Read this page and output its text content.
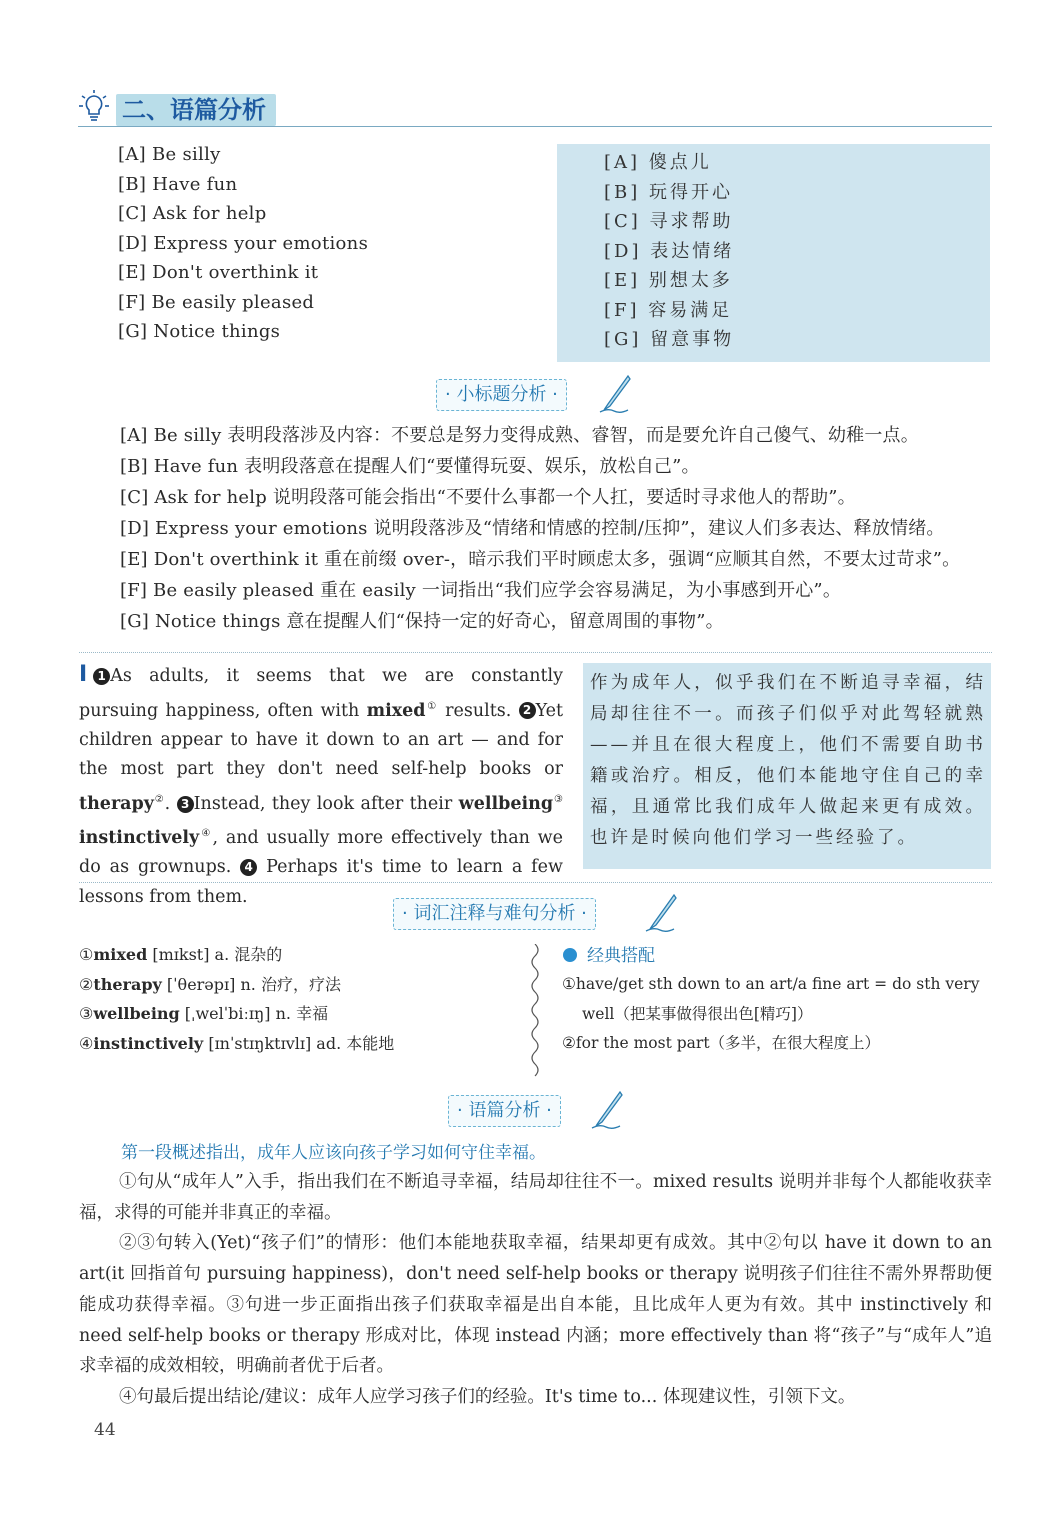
二、语篇分析
[A] Be silly
[B] Have fun
[C] Ask for help
[D] Express your emotions
[E] Don't overthink it
[F] Be easily pleased
[G] Notice things
[A] 傻点儿
[B] 玩得开心
[C] 寻求帮助
[D] 表达情绪
[E] 别想太多
[F] 容易满足
[G] 留意事物
· 小标题分析 ·
[A] Be silly 表明段落涉及内容：不要总是努力变得成熟、睿智，而是要允许自己傻气、幼稚一点。
[B] Have fun 表明段落意在提醒人们“要懂得玩耍、娱乐，放松自己”。
[C] Ask for help 说明段落可能会指出“不要什么事都一个人扛，要适时寻求他人的帮助”。
[D] Express your emotions 说明段落涉及“情绪和情感的控制/压抑”，建议人们多表达、释放情绪。
[E] Don't overthink it 重在前缀 over-，暗示我们平时顾虑太多，强调“应顺其自然，不要太过苛求”。
[F] Be easily pleased 重在 easily 一词指出“我们应学会容易满足，为小事感到开心”。
[G] Notice things 意在提醒人们“保持一定的好奇心，留意周围的事物”。
I 1 As adults, it seems that we are constantly pursuing happiness, often with mixed① results. 2 Yet children appear to have it down to an art — and for the most part they don't need self-help books or therapy②. 3 Instead, they look after their wellbeing③ instinctively④, and usually more effectively than we do as grownups. 4 Perhaps it's time to learn a few lessons from them.
作为成年人，似乎我们在不断追寻幸福，结局却往往不一。而孩子们似乎对此驾轻就熟——并且在很大程度上，他们不需要自助书籍或治疗。相反，他们本能地守住自己的幸福，且通常比我们成年人做起来更有成效。也许是时候向他们学习一些经验了。
· 词汇注释与难句分析 ·
①mixed [mɪkst] a. 混杂的
②therapy [ˈθerəpɪ] n. 治疗，疗法
③wellbeing [ˌwelˈbiːɪŋ] n. 幸福
④instinctively [ɪnˈstɪŋktɪvlɪ] ad. 本能地
经典搭配
①have/get sth down to an art/a fine art = do sth very well（把某事做得很出色[精巧]）
②for the most part（多半，在很大程度上）
· 语篇分析 ·
第一段概述指出，成年人应该向孩子学习如何守住幸福。

①句从“成年人”入手，指出我们在不断追寻幸福，结局却往往不一。mixed results 说明并非每个人都能收获幸福，求得的可能并非真正的幸福。

②③句转入(Yet)“孩子们”的情形：他们本能地获取幸福，结果却更有成效。其中②句以 have it down to an art(it 回指首句 pursuing happiness)，don't need self-help books or therapy 说明孩子们往往不需外界帮助便能成功获得幸福。③句进一步正面指出孩子们获取幸福是出自本能，且比成年人更为有效。其中 instinctively 和 need self-help books or therapy 形成对比，体现 instead 内涵；more effectively than 将“孩子”与“成年人”追求幸福的成效相较，明确前者优于后者。

④句最后提出结论/建议：成年人应学习孩子们的经验。It's time to... 体现建议性，引领下文。

44
